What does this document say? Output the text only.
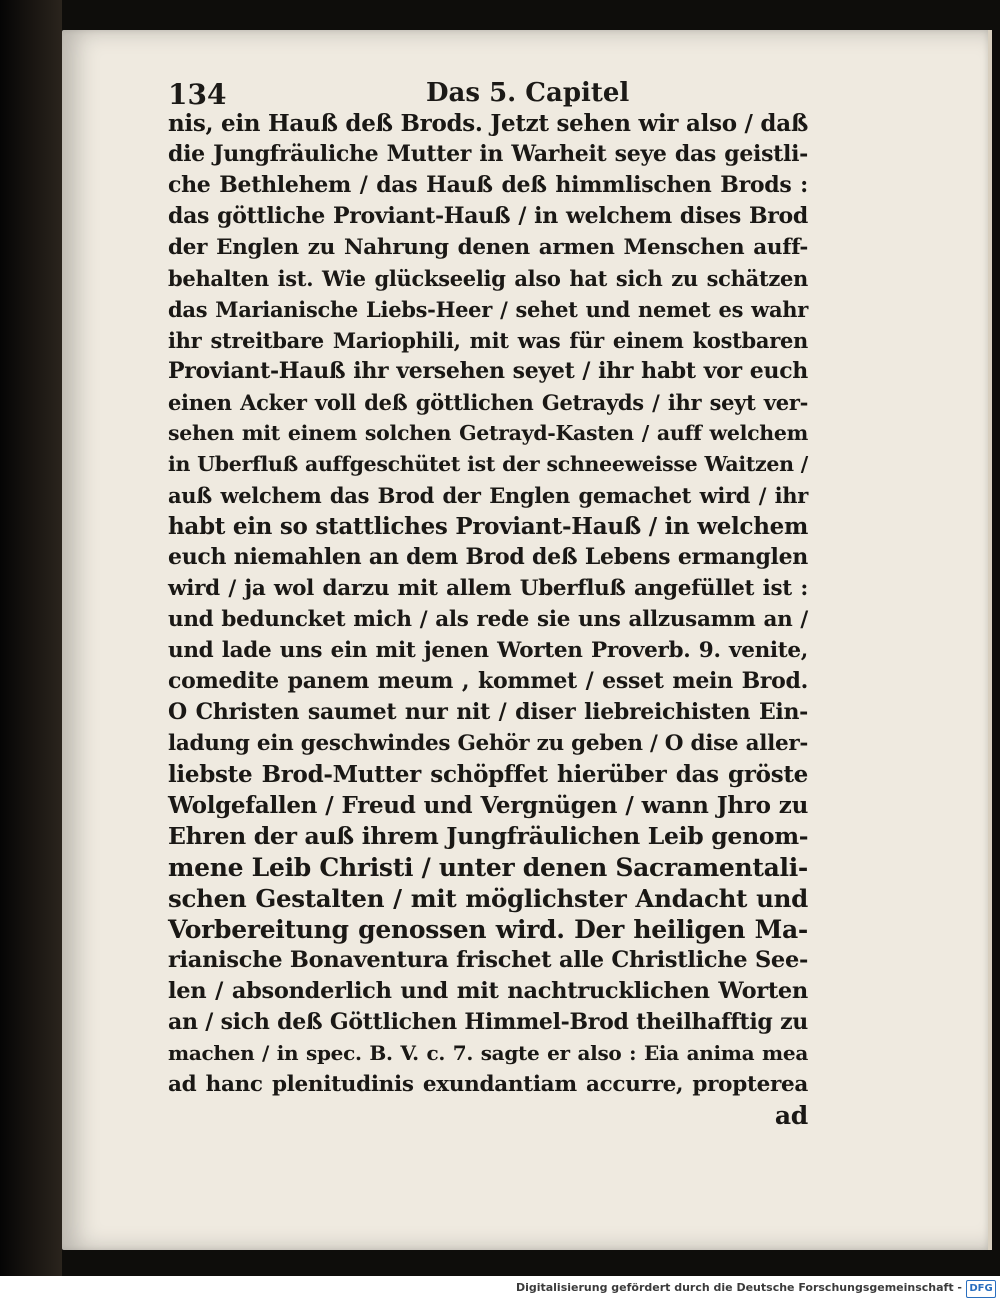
134	Das 5. Capitel
nis, ein Hauß deß Brods. Jetzt sehen wir also / daß
die Jungfräuliche Mutter in Warheit seye das geistli-
che Bethlehem / das Hauß deß himmlischen Brods :
das göttliche Proviant-Hauß / in welchem dises Brod
der Englen zu Nahrung denen armen Menschen auff-
behalten ist. Wie glückseelig also hat sich zu schätzen
das Marianische Liebs-Heer / sehet und nemet es wahr
ihr streitbare Mariophili, mit was für einem kostbaren
Proviant-Hauß ihr versehen seyet / ihr habt vor euch
einen Acker voll deß göttlichen Getrayds / ihr seyt ver-
sehen mit einem solchen Getrayd-Kasten / auff welchem
in Uberfluß auffgeschütet ist der schneeweisse Waitzen /
auß welchem das Brod der Englen gemachet wird / ihr
habt ein so stattliches Proviant-Hauß / in welchem
euch niemahlen an dem Brod deß Lebens ermanglen
wird / ja wol darzu mit allem Uberfluß angefüllet ist :
und beduncket mich / als rede sie uns allzusamm an /
und lade uns ein mit jenen Worten Proverb. 9. venite,
comedite panem meum , kommet / esset mein Brod.
O Christen saumet nur nit / diser liebreichisten Ein-
ladung ein geschwindes Gehör zu geben / O dise aller-
liebste Brod-Mutter schöpffet hierüber das gröste
Wolgefallen / Freud und Vergnügen / wann Jhro zu
Ehren der auß ihrem Jungfräulichen Leib genom-
mene Leib Christi / unter denen Sacramentali-
schen Gestalten / mit möglichster Andacht und
Vorbereitung genossen wird. Der heiligen Ma-
rianische Bonaventura frischet alle Christliche See-
len / absonderlich und mit nachtrucklichen Worten
an / sich deß Göttlichen Himmel-Brod theilhafftig zu
machen / in spec. B. V. c. 7. sagte er also : Eia anima mea
ad hanc plenitudinis exundantiam accurre, propterea
ad
Digitalisierung gefördert durch die Deutsche Forschungsgemeinschaft - DFG
